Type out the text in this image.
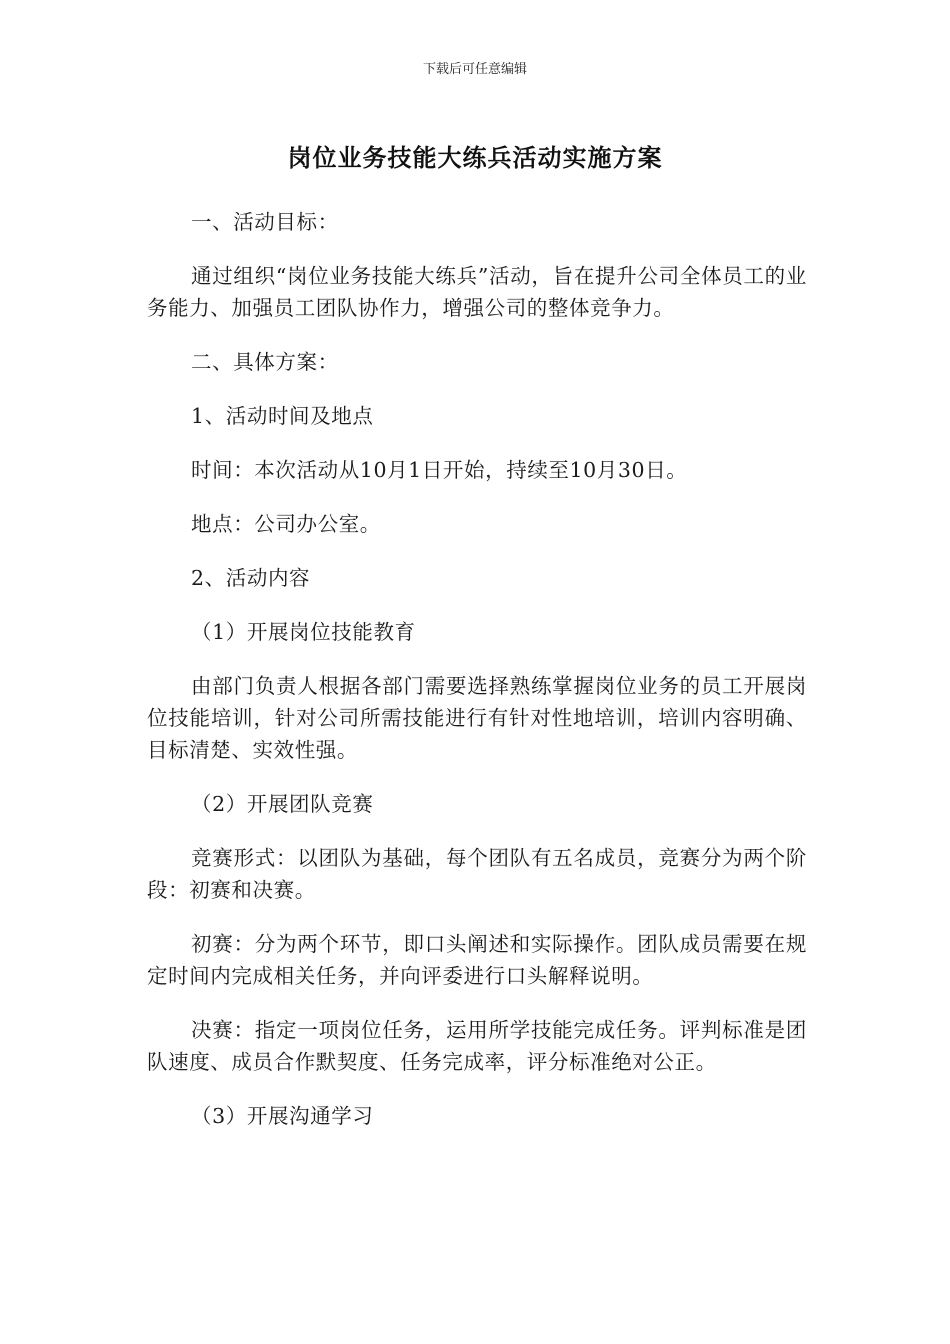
下载后可任意编辑
岗位业务技能大练兵活动实施方案

一、活动目标：

通过组织“岗位业务技能大练兵”活动，旨在提升公司全体员工的业务能力、加强员工团队协作力，增强公司的整体竞争力。

二、具体方案：

1、活动时间及地点

时间：本次活动从10月1日开始，持续至10月30日。

地点：公司办公室。

2、活动内容

（1）开展岗位技能教育

由部门负责人根据各部门需要选择熟练掌握岗位业务的员工开展岗位技能培训，针对公司所需技能进行有针对性地培训，培训内容明确、目标清楚、实效性强。

（2）开展团队竞赛

竞赛形式：以团队为基础，每个团队有五名成员，竞赛分为两个阶段：初赛和决赛。

初赛：分为两个环节，即口头阐述和实际操作。团队成员需要在规定时间内完成相关任务，并向评委进行口头解释说明。

决赛：指定一项岗位任务，运用所学技能完成任务。评判标准是团队速度、成员合作默契度、任务完成率，评分标准绝对公正。

（3）开展沟通学习
